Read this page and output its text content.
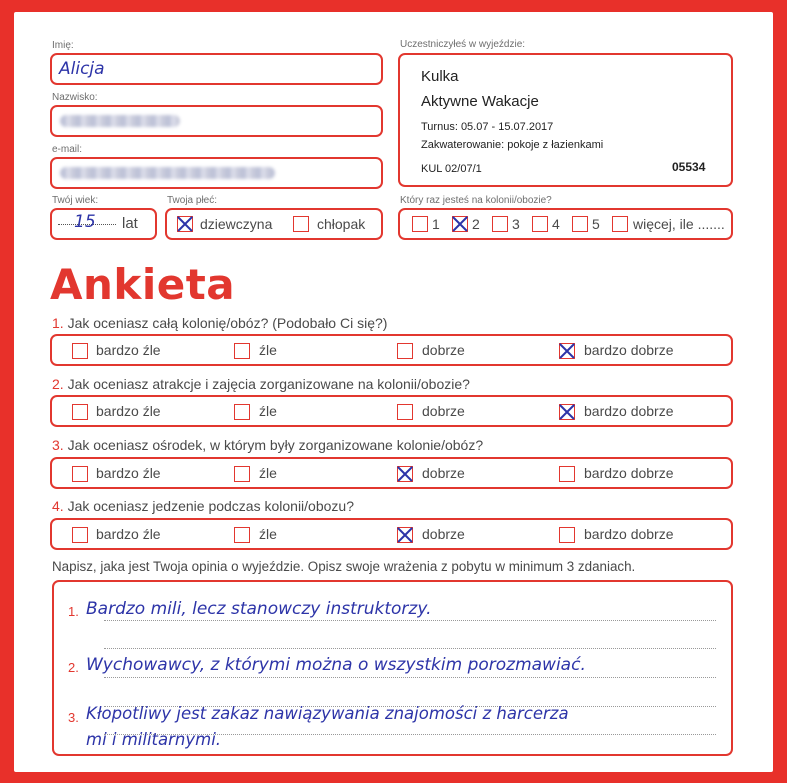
Imię:
Alicja
Nazwisko:
e-mail:
Twój wiek:
15 lat
Twoja płeć:
dziewczyna	chłopak
Uczestniczyłeś w wyjeździe:
Kulka
Aktywne Wakacje
Turnus: 05.07 - 15.07.2017
Zakwaterowanie: pokoje z łazienkami
KUL 02/07/1	05534
Który raz jesteś na kolonii/obozie?
1 2 3 4 5 więcej, ile .......
Ankieta
1. Jak oceniasz całą kolonię/obóz? (Podobało Ci się?)
bardzo źle	źle	dobrze	bardzo dobrze
2. Jak oceniasz atrakcje i zajęcia zorganizowane na kolonii/obozie?
bardzo źle	źle	dobrze	bardzo dobrze
3. Jak oceniasz ośrodek, w którym były zorganizowane kolonie/obóz?
bardzo źle	źle	dobrze	bardzo dobrze
4. Jak oceniasz jedzenie podczas kolonii/obozu?
bardzo źle	źle	dobrze	bardzo dobrze
Napisz, jaka jest Twoja opinia o wyjeździe. Opisz swoje wrażenia z pobytu w minimum 3 zdaniach.
1. Bardzo mili, lecz stanowczy instruktorzy.
2. Wychowawcy, z którymi można o wszystkim porozmawiać.
3. Kłopotliwy jest zakaz nawiązywania znajomości z harcerza
mi i militarnymi.
